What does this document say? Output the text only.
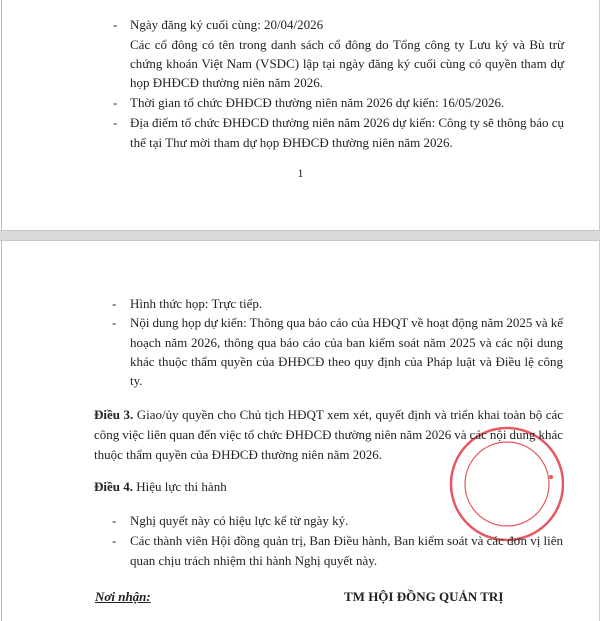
- Ngày đăng ký cuối cùng: 20/04/2026
Các cổ đông có tên trong danh sách cổ đông do Tổng công ty Lưu ký và Bù trừ
chứng khoán Việt Nam (VSDC) lập tại ngày đăng ký cuối cùng có quyền tham dự
họp ĐHĐCĐ thường niên năm 2026.
- Thời gian tổ chức ĐHĐCĐ thường niên năm 2026 dự kiến: 16/05/2026.
- Địa điểm tổ chức ĐHĐCĐ thường niên năm 2026 dự kiến: Công ty sẽ thông báo cụ
thể tại Thư mời tham dự họp ĐHĐCĐ thường niên năm 2026.
1
- Hình thức họp: Trực tiếp.
- Nội dung họp dự kiến: Thông qua báo cáo của HĐQT về hoạt động năm 2025 và kế
hoạch năm 2026, thông qua báo cáo của ban kiểm soát năm 2025 và các nội dung
khác thuộc thẩm quyền của ĐHĐCĐ theo quy định của Pháp luật và Điều lệ công
ty.
Điều 3. Giao/ủy quyền cho Chủ tịch HĐQT xem xét, quyết định và triển khai toàn bộ các
công việc liên quan đến việc tổ chức ĐHĐCĐ thường niên năm 2026 và các nội dung khác
thuộc thẩm quyền của ĐHĐCĐ thường niên năm 2026.
Điều 4. Hiệu lực thi hành
- Nghị quyết này có hiệu lực kể từ ngày ký.
- Các thành viên Hội đồng quản trị, Ban Điều hành, Ban kiểm soát và các đơn vị liên
quan chịu trách nhiệm thi hành Nghị quyết này.
Nơi nhận:	TM HỘI ĐỒNG QUẢN TRỊ
